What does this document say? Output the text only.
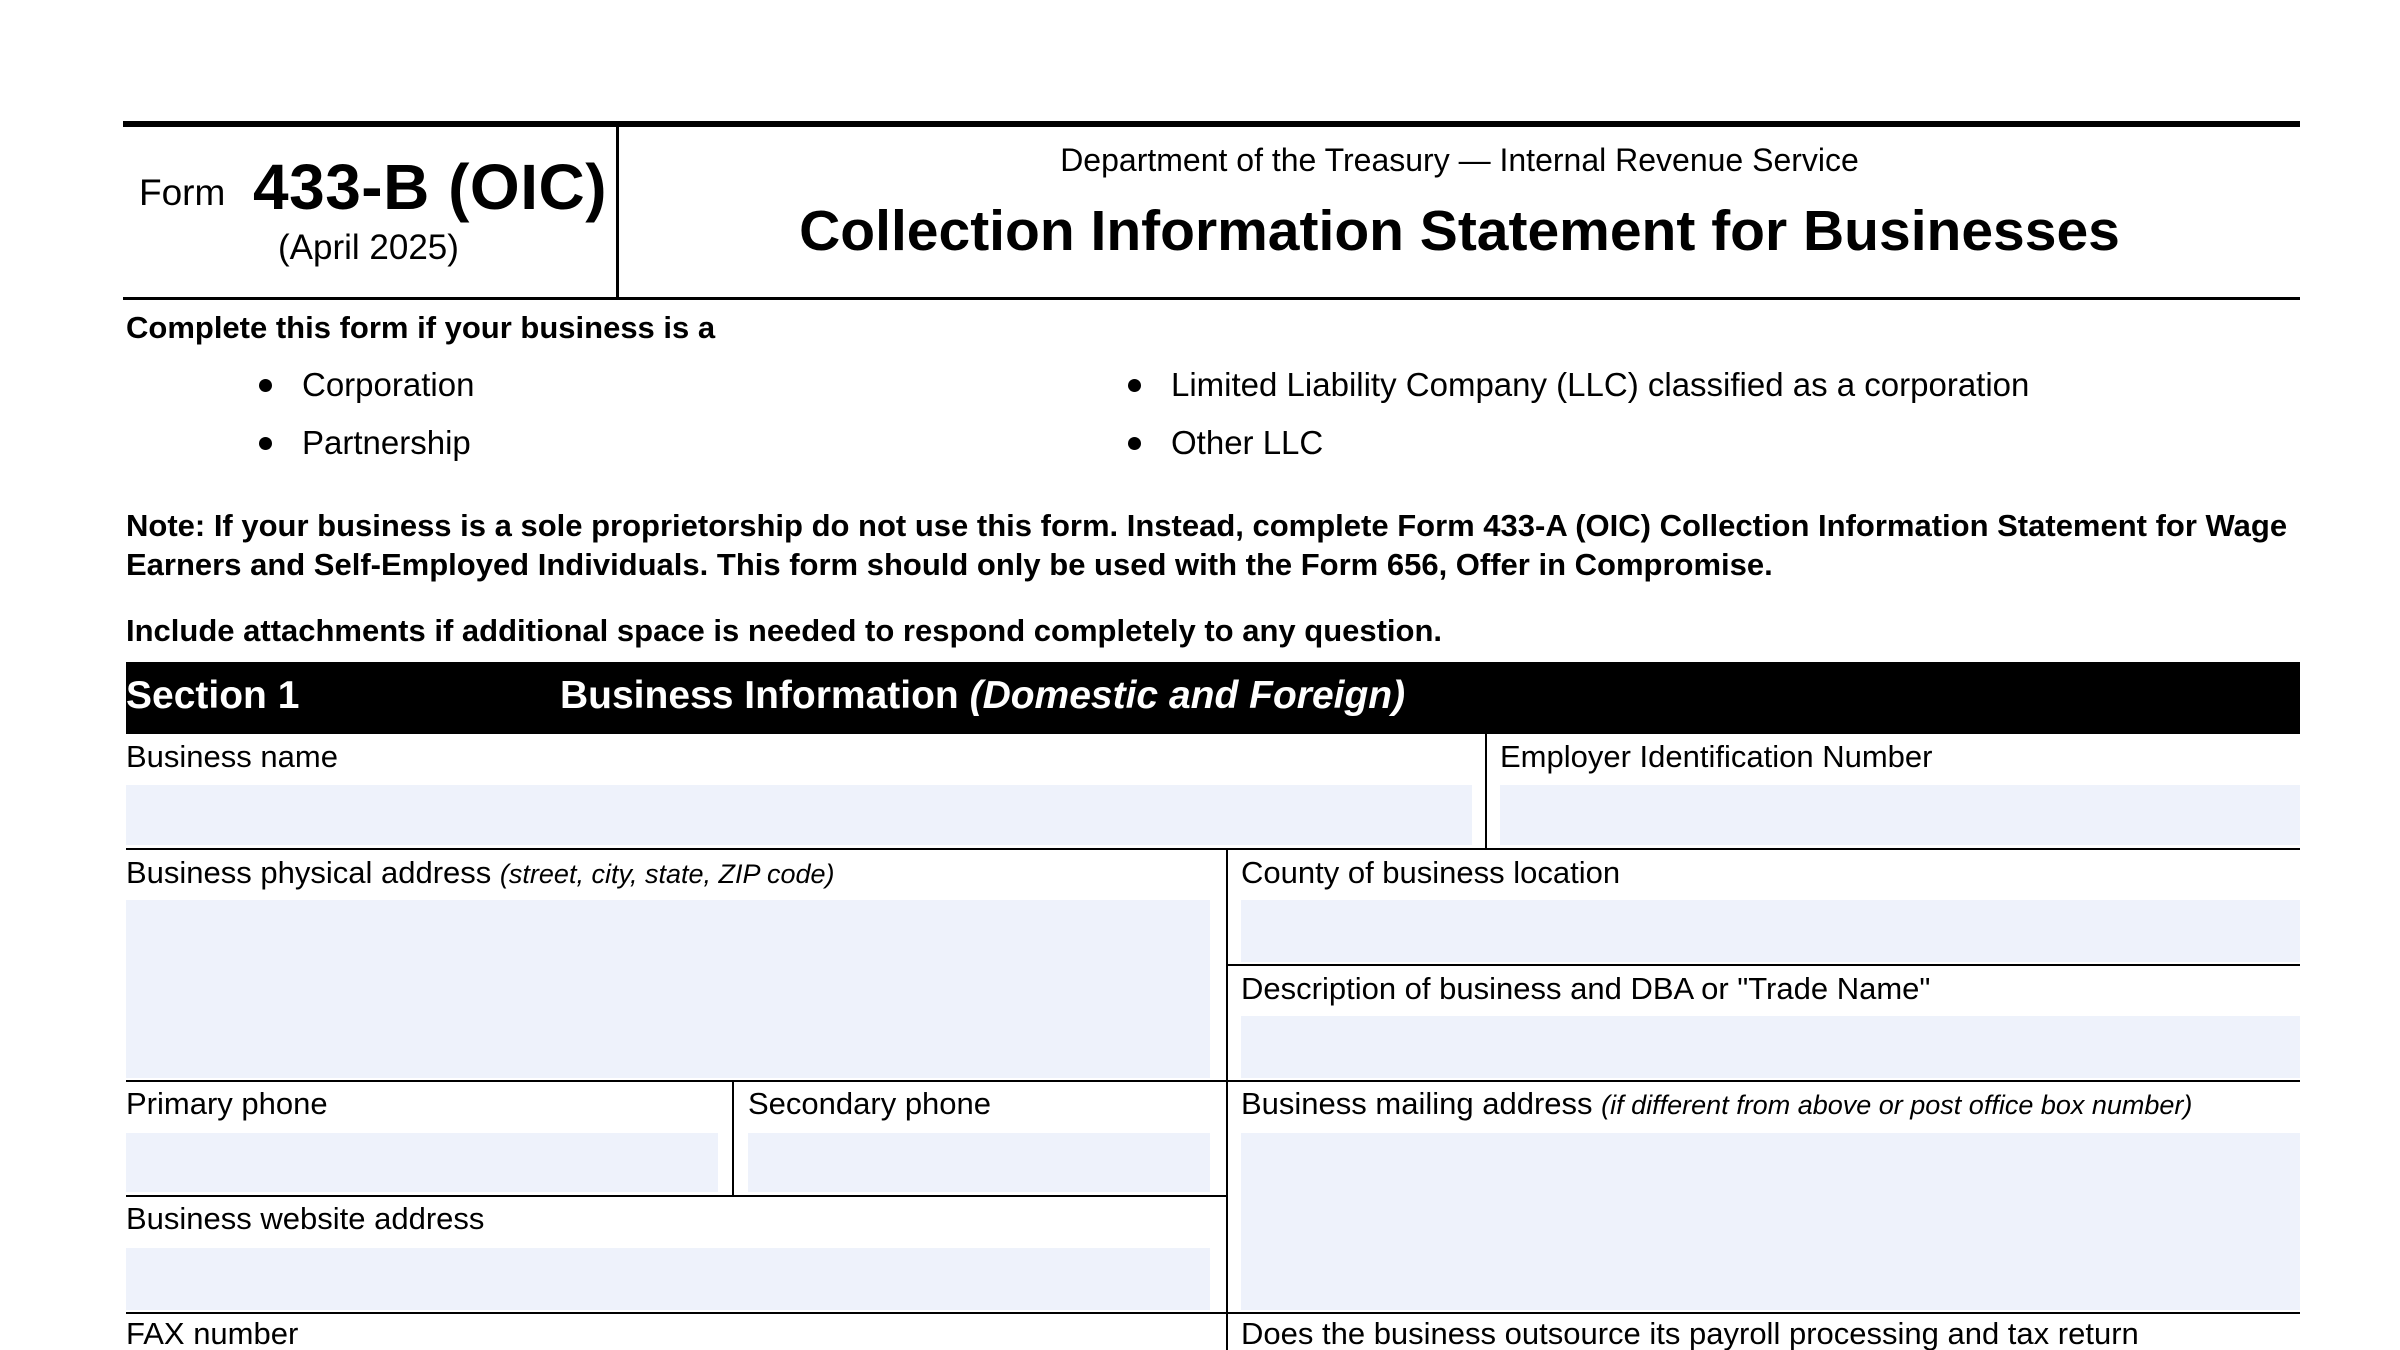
Form 433-B (OIC)
(April 2025)
Department of the Treasury — Internal Revenue Service
Collection Information Statement for Businesses
Complete this form if your business is a
Corporation
Partnership
Limited Liability Company (LLC) classified as a corporation
Other LLC
Note: If your business is a sole proprietorship do not use this form. Instead, complete Form 433-A (OIC) Collection Information Statement for Wage Earners and Self-Employed Individuals. This form should only be used with the Form 656, Offer in Compromise.
Include attachments if additional space is needed to respond completely to any question.
Section 1	Business Information (Domestic and Foreign)
Business name	Employer Identification Number
Business physical address (street, city, state, ZIP code)	County of business location
Description of business and DBA or "Trade Name"
Primary phone	Secondary phone	Business mailing address (if different from above or post office box number)
Business website address
FAX number	Does the business outsource its payroll processing and tax return
